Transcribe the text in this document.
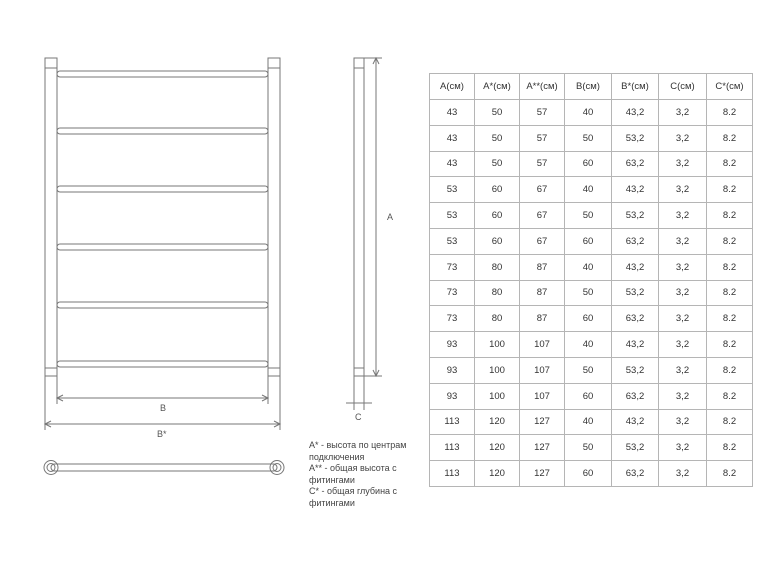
B
B*
A
C
A* - высота по центрам подключения
A** - общая высота с фитингами
C* - общая глубина с фитингами
A(см)	A*(см)	A**(см)	B(см)	B*(см)	C(см)	C*(см)
43	50	57	40	43,2	3,2	8.2
43	50	57	50	53,2	3,2	8.2
43	50	57	60	63,2	3,2	8.2
53	60	67	40	43,2	3,2	8.2
53	60	67	50	53,2	3,2	8.2
53	60	67	60	63,2	3,2	8.2
73	80	87	40	43,2	3,2	8.2
73	80	87	50	53,2	3,2	8.2
73	80	87	60	63,2	3,2	8.2
93	100	107	40	43,2	3,2	8.2
93	100	107	50	53,2	3,2	8.2
93	100	107	60	63,2	3,2	8.2
113	120	127	40	43,2	3,2	8.2
113	120	127	50	53,2	3,2	8.2
113	120	127	60	63,2	3,2	8.2
